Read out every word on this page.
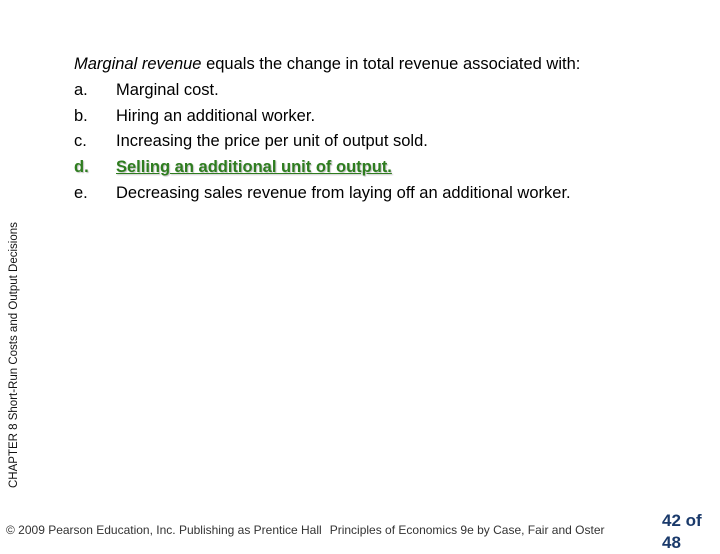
CHAPTER 8 Short-Run Costs and Output Decisions
Marginal revenue equals the change in total revenue associated with:
a.	Marginal cost.
b.	Hiring an additional worker.
c.	Increasing the price per unit of output sold.
d.	Selling an additional unit of output.
e.	Decreasing sales revenue from laying off an additional worker.
© 2009 Pearson Education, Inc. Publishing as Prentice Hall Principles of Economics 9e by Case, Fair and Oster	42 of 48
